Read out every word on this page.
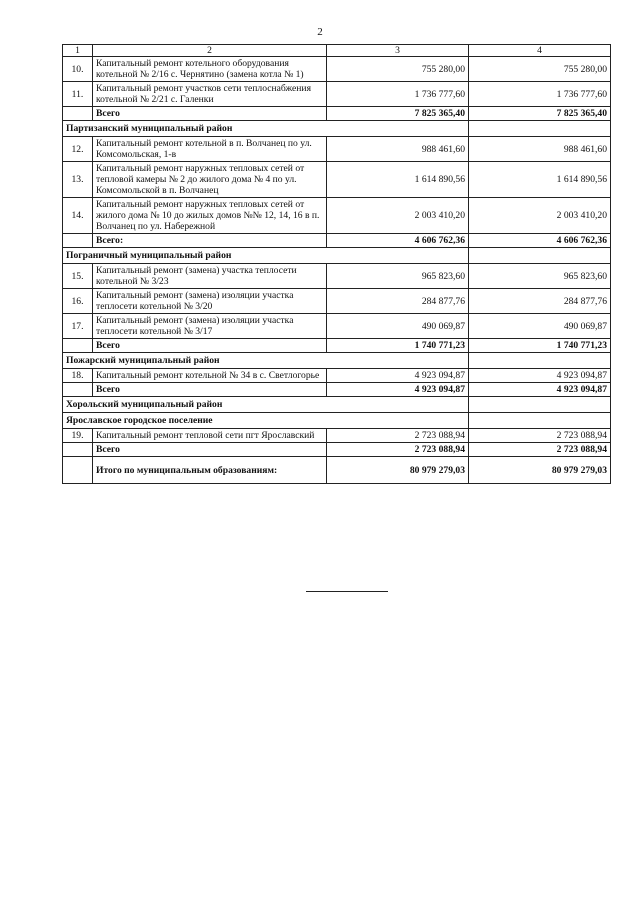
2
1	2	3	4
10.	Капитальный ремонт котельного оборудования котельной № 2/16 с. Чернятино (замена котла № 1)	755 280,00	755 280,00
11.	Капитальный ремонт участков сети теплоснабжения котельной № 2/21 с. Галенки	1 736 777,60	1 736 777,60
	Всего	7 825 365,40	7 825 365,40
Партизанский муниципальный район			
12.	Капитальный ремонт котельной в п. Волчанец по ул. Комсомольская, 1-в	988 461,60	988 461,60
13.	Капитальный ремонт наружных тепловых сетей от тепловой камеры № 2 до жилого дома № 4 по ул. Комсомольской в п. Волчанец	1 614 890,56	1 614 890,56
14.	Капитальный ремонт наружных тепловых сетей от жилого дома № 10 до жилых домов №№ 12, 14, 16 в п. Волчанец по ул. Набережной	2 003 410,20	2 003 410,20
	Всего:	4 606 762,36	4 606 762,36
Пограничный муниципальный район			
15.	Капитальный ремонт (замена) участка теплосети котельной № 3/23	965 823,60	965 823,60
16.	Капитальный ремонт (замена) изоляции участка теплосети котельной № 3/20	284 877,76	284 877,76
17.	Капитальный ремонт (замена) изоляции участка теплосети котельной № 3/17	490 069,87	490 069,87
	Всего	1 740 771,23	1 740 771,23
Пожарский муниципальный район			
18.	Капитальный ремонт котельной № 34 в с. Светлогорье	4 923 094,87	4 923 094,87
	Всего	4 923 094,87	4 923 094,87
Хорольский муниципальный район			
Ярославское городское поселение			
19.	Капитальный ремонт тепловой сети пгт Ярославский	2 723 088,94	2 723 088,94
	Всего	2 723 088,94	2 723 088,94
	Итого по муниципальным образованиям:	80 979 279,03	80 979 279,03
